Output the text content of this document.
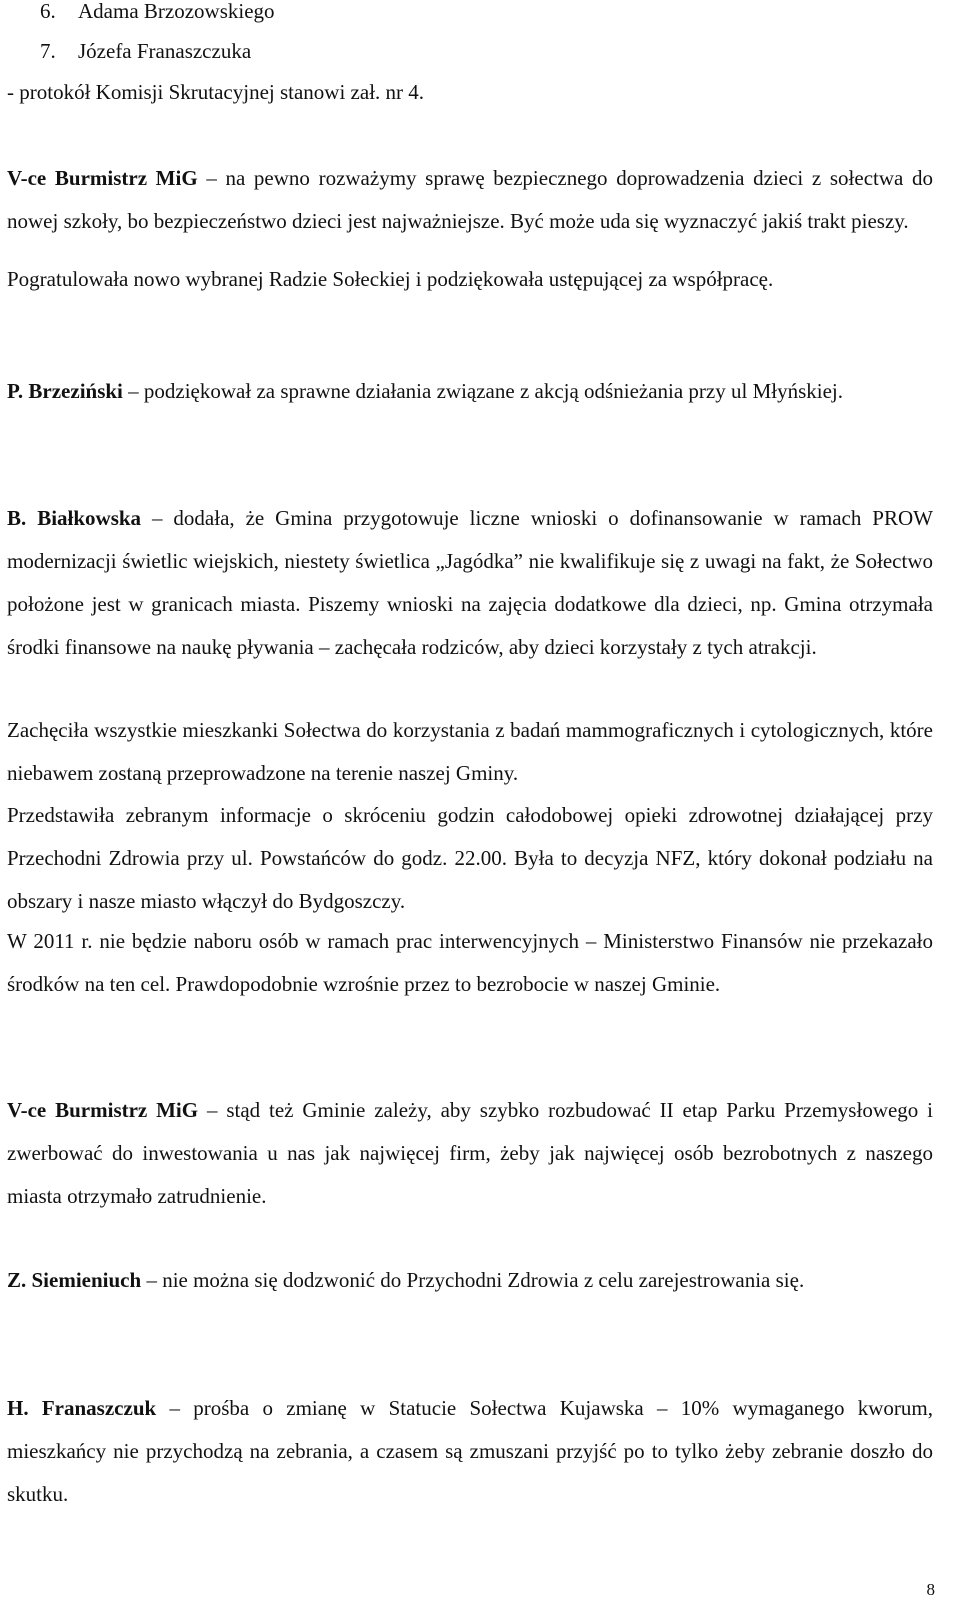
6. Adama Brzozowskiego
7. Józefa Franaszczuka
- protokół Komisji Skrutacyjnej stanowi zał. nr 4.

V-ce Burmistrz MiG – na pewno rozważymy sprawę bezpiecznego doprowadzenia dzieci z sołectwa do nowej szkoły, bo bezpieczeństwo dzieci jest najważniejsze. Być może uda się wyznaczyć jakiś trakt pieszy.

Pogratulowała nowo wybranej Radzie Sołeckiej i podziękowała ustępującej za współpracę.

P. Brzeziński – podziękował za sprawne działania związane z akcją odśnieżania przy ul Młyńskiej.

B. Białkowska – dodała, że Gmina przygotowuje liczne wnioski o dofinansowanie w ramach PROW modernizacji świetlic wiejskich, niestety świetlica „Jagódka” nie kwalifikuje się z uwagi na fakt, że Sołectwo położone jest w granicach miasta. Piszemy wnioski na zajęcia dodatkowe dla dzieci, np. Gmina otrzymała środki finansowe na naukę pływania – zachęcała rodziców, aby dzieci korzystały z tych atrakcji.

Zachęciła wszystkie mieszkanki Sołectwa do korzystania z badań mammograficznych i cytologicznych, które niebawem zostaną przeprowadzone na terenie naszej Gminy.

Przedstawiła zebranym informacje o skróceniu godzin całodobowej opieki zdrowotnej działającej przy Przechodni Zdrowia przy ul. Powstańców do godz. 22.00. Była to decyzja NFZ, który dokonał podziału na obszary i nasze miasto włączył do Bydgoszczy.

W 2011 r. nie będzie naboru osób w ramach prac interwencyjnych – Ministerstwo Finansów nie przekazało środków na ten cel. Prawdopodobnie wzrośnie przez to bezrobocie w naszej Gminie.

V-ce Burmistrz MiG – stąd też Gminie zależy, aby szybko rozbudować II etap Parku Przemysłowego i zwerbować do inwestowania u nas jak najwięcej firm, żeby jak najwięcej osób bezrobotnych z naszego miasta otrzymało zatrudnienie.

Z. Siemieniuch – nie można się dodzwonić do Przychodni Zdrowia z celu zarejestrowania się.

H. Franaszczuk – prośba o zmianę w Statucie Sołectwa Kujawska – 10% wymaganego kworum, mieszkańcy nie przychodzą na zebrania, a czasem są zmuszani przyjść po to tylko żeby zebranie doszło do skutku.

8
